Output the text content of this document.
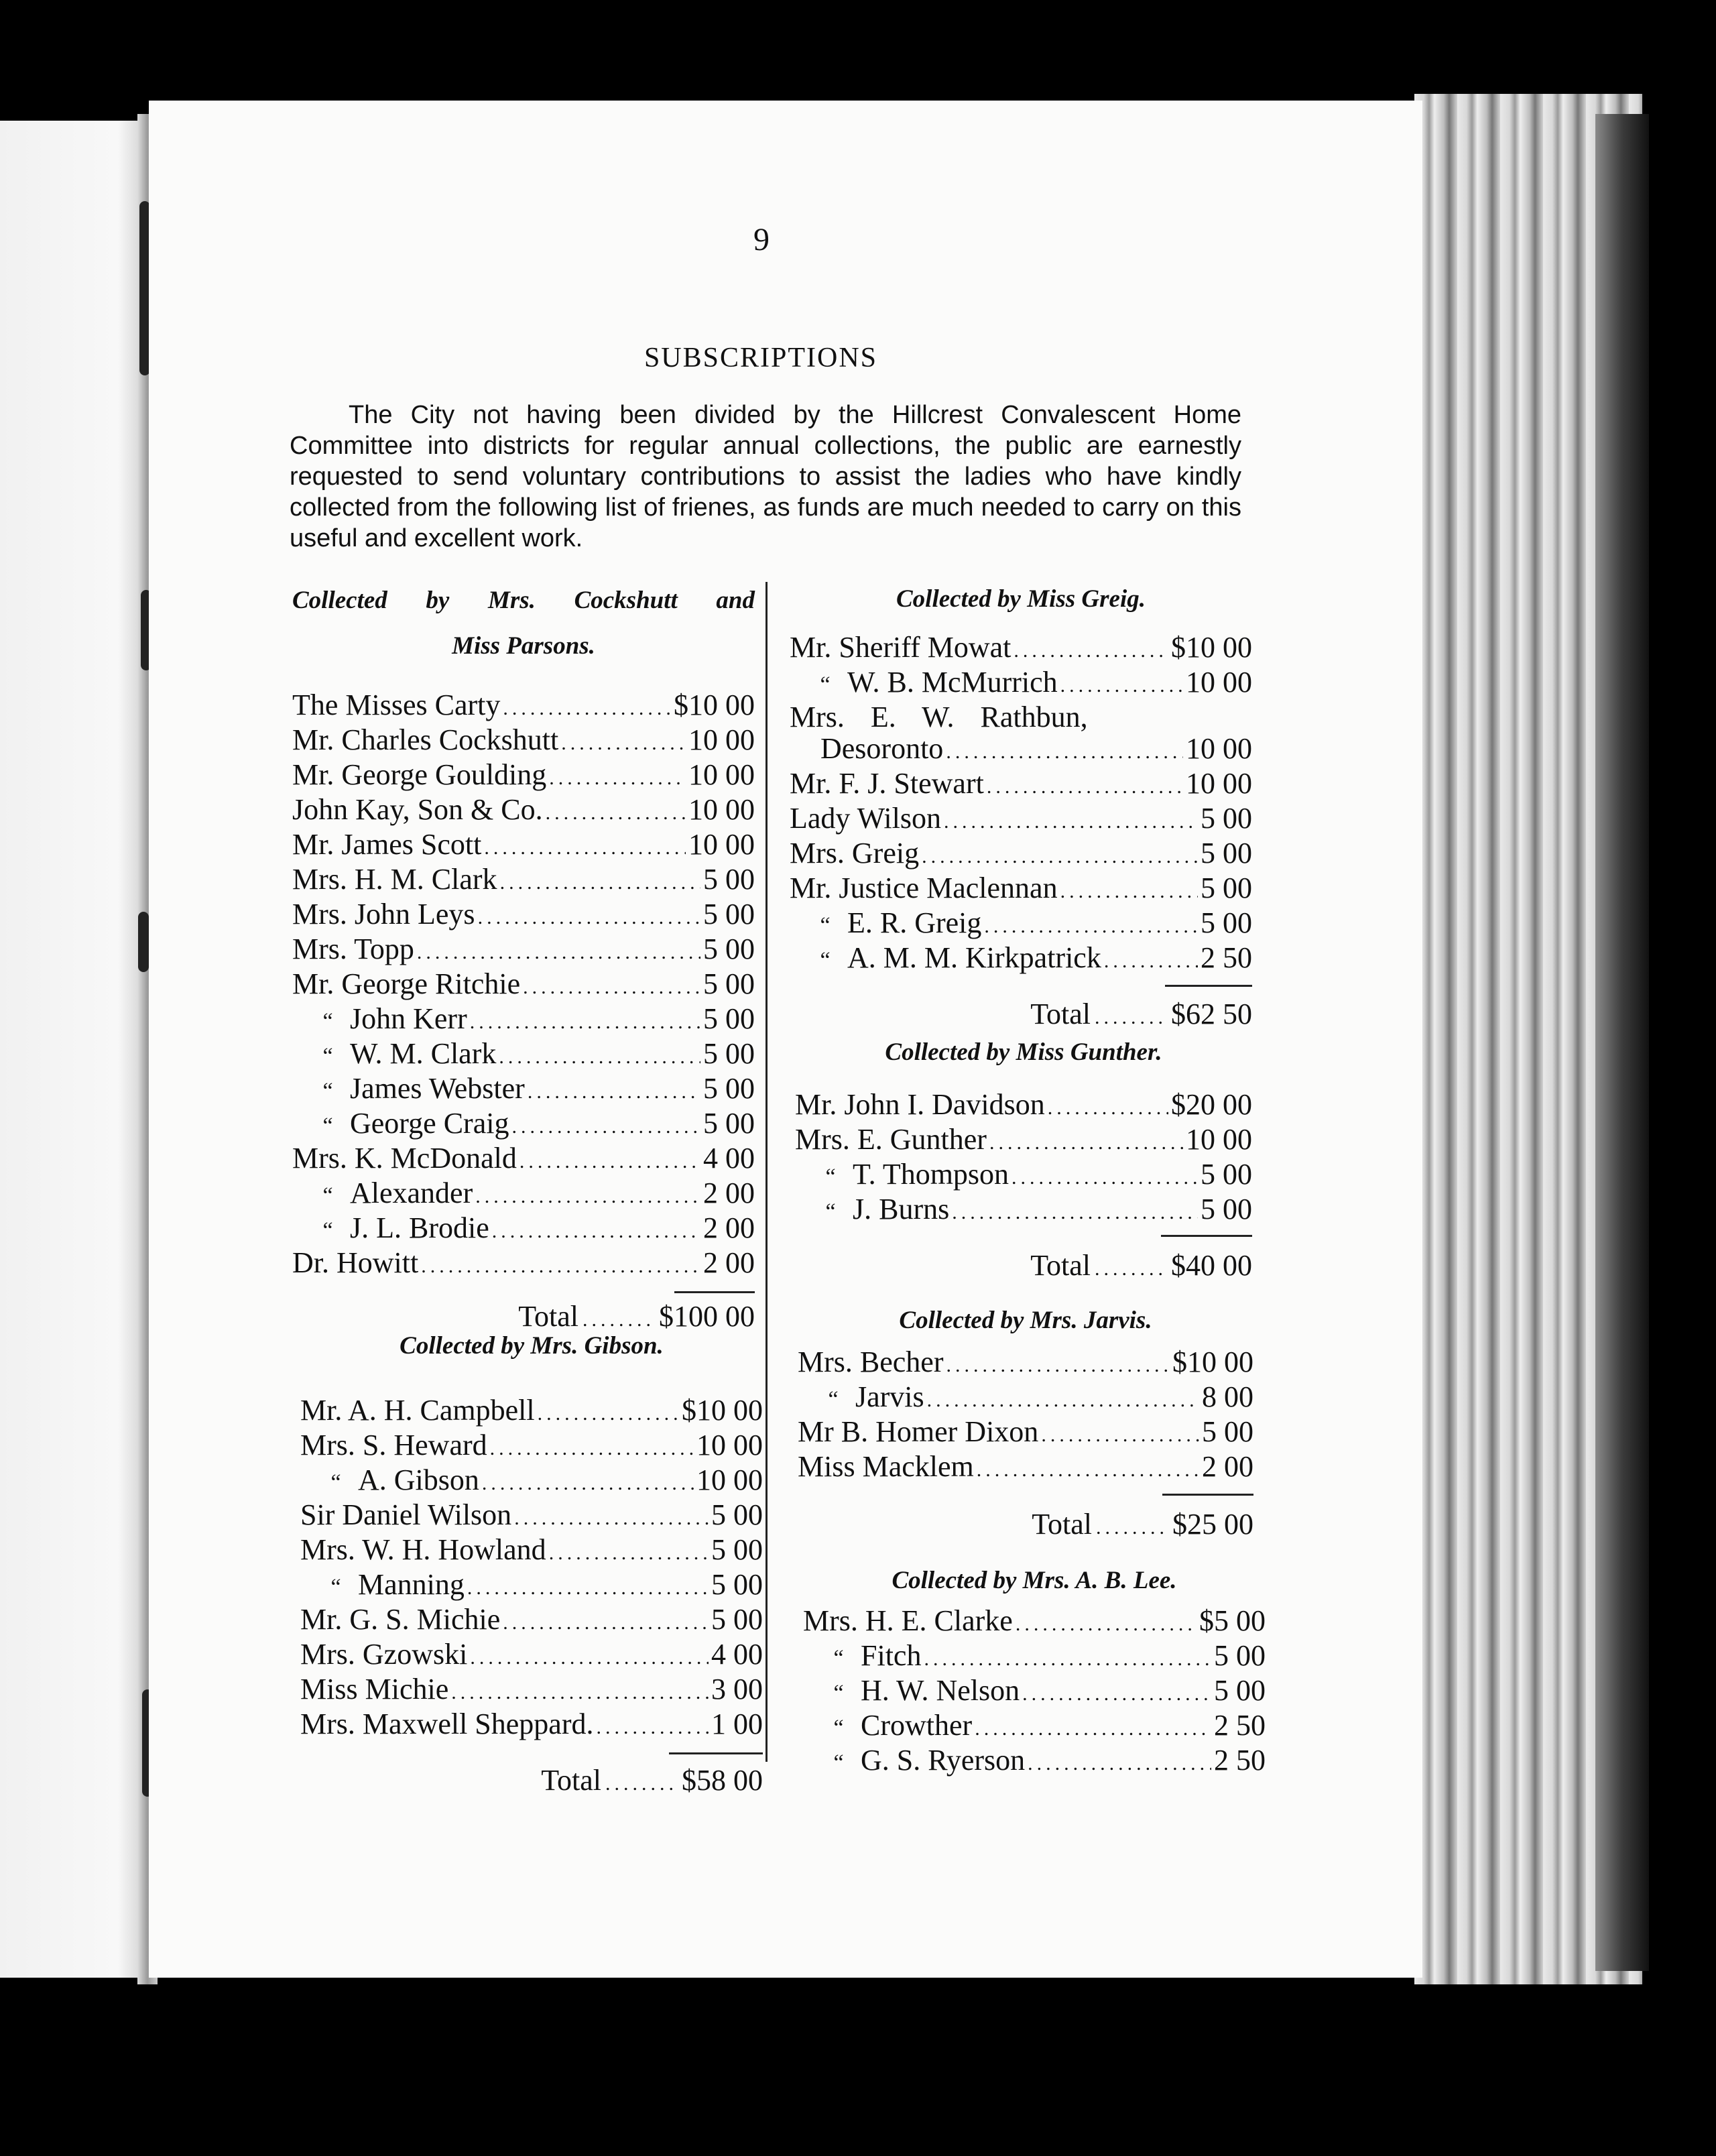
9
SUBSCRIPTIONS
The City not having been divided by the Hillcrest Convalescent Home Committee into districts for regular annual collections, the public are earnestly requested to send voluntary contributions to assist the ladies who have kindly collected from the following list of frienes, as funds are much needed to carry on this useful and excellent work.
Collected by Mrs. Cockshutt and
Miss Parsons.
The Misses Carty .....	$10 00
Mr. Charles Cockshutt .....	10 00
Mr. George Goulding .....	10 00
John Kay, Son & Co. .....	10 00
Mr. James Scott .....	10 00
Mrs. H. M. Clark .....	5 00
Mrs. John Leys .....	5 00
Mrs. Topp .....	5 00
Mr. George Ritchie .....	5 00
“ John Kerr .....	5 00
“ W. M. Clark .....	5 00
“ James Webster .....	5 00
“ George Craig .....	5 00
Mrs. K. McDonald .....	4 00
“ Alexander .....	2 00
“ J. L. Brodie .....	2 00
Dr. Howitt .....	2 00
Total ........ $100 00
Collected by Mrs. Gibson.
Mr. A. H. Campbell .....	$10 00
Mrs. S. Heward .....	10 00
“ A. Gibson .....	10 00
Sir Daniel Wilson .....	5 00
Mrs. W. H. Howland .....	5 00
“ Manning .....	5 00
Mr. G. S. Michie .....	5 00
Mrs. Gzowski .....	4 00
Miss Michie .....	3 00
Mrs. Maxwell Sheppard. .....	1 00
Total ........ $58 00
Collected by Miss Greig.
Mr. Sheriff Mowat .....	$10 00
“ W. B. McMurrich .....	10 00
Mrs. E. W. Rathbun,
Desoronto .....	10 00
Mr. F. J. Stewart .....	10 00
Lady Wilson .....	5 00
Mrs. Greig .....	5 00
Mr. Justice Maclennan .....	5 00
“ E. R. Greig .....	5 00
“ A. M. M. Kirkpatrick .....	2 50
Total ........ $62 50
Collected by Miss Gunther.
Mr. John I. Davidson .....	$20 00
Mrs. E. Gunther .....	10 00
“ T. Thompson .....	5 00
“ J. Burns .....	5 00
Total ........ $40 00
Collected by Mrs. Jarvis.
Mrs. Becher .....	$10 00
“ Jarvis .....	8 00
Mr B. Homer Dixon .....	5 00
Miss Macklem .....	2 00
Total ........ $25 00
Collected by Mrs. A. B. Lee.
Mrs. H. E. Clarke .....	$5 00
“ Fitch .....	5 00
“ H. W. Nelson .....	5 00
“ Crowther .....	2 50
“ G. S. Ryerson .....	2 50
